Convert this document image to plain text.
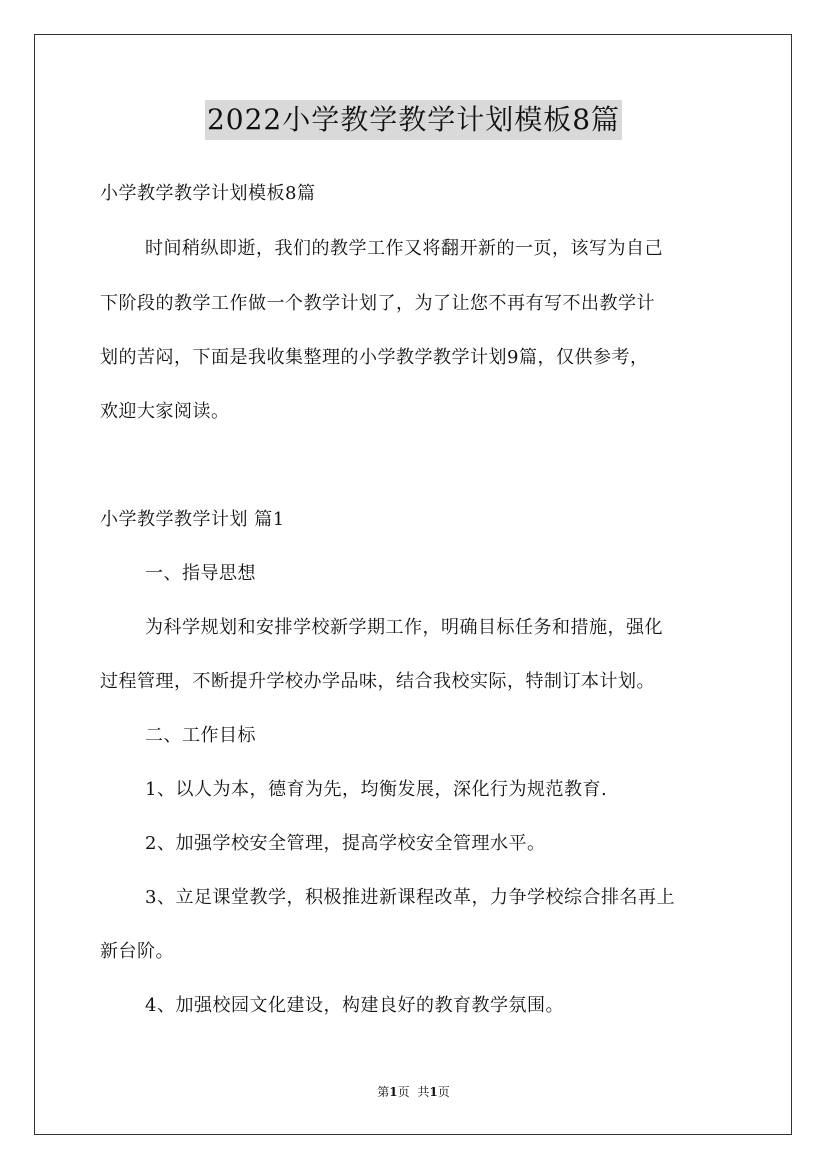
2022小学教学教学计划模板8篇
小学教学教学计划模板8篇
时间稍纵即逝，我们的教学工作又将翻开新的一页，该写为自己
下阶段的教学工作做一个教学计划了，为了让您不再有写不出教学计
划的苦闷，下面是我收集整理的小学教学教学计划9篇，仅供参考，
欢迎大家阅读。
小学教学教学计划 篇1
一、指导思想
为科学规划和安排学校新学期工作，明确目标任务和措施，强化
过程管理，不断提升学校办学品味，结合我校实际，特制订本计划。
二、工作目标
1、以人为本，德育为先，均衡发展，深化行为规范教育.
2、加强学校安全管理，提高学校安全管理水平。
3、立足课堂教学，积极推进新课程改革，力争学校综合排名再上
新台阶。
4、加强校园文化建设，构建良好的教育教学氛围。
第1页 共1页
